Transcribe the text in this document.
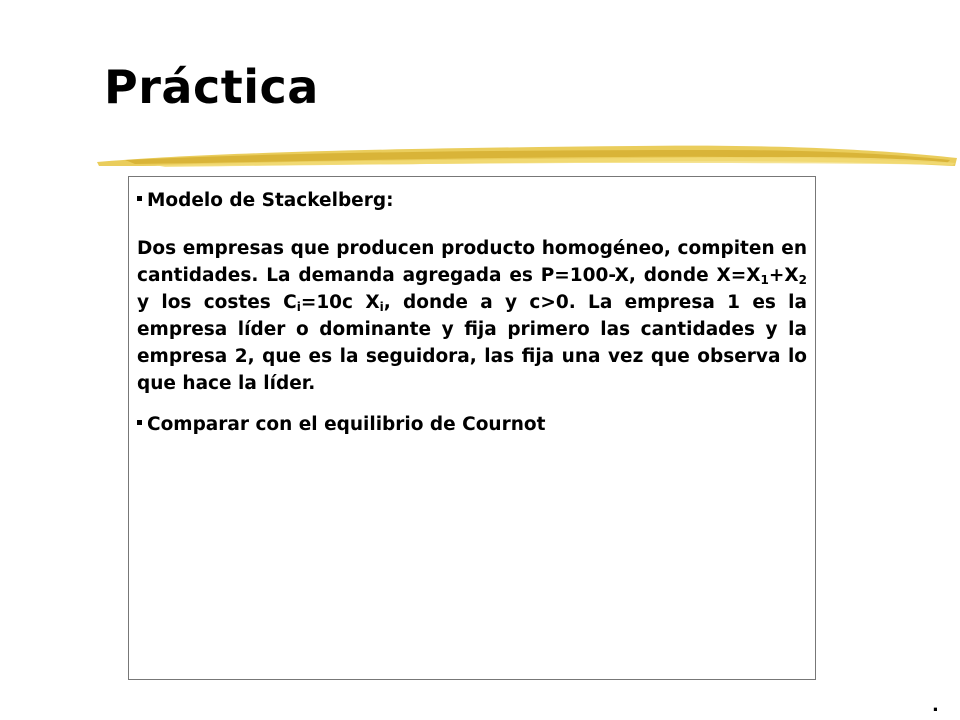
Práctica

Modelo de Stackelberg:

Dos empresas que producen producto homogéneo, compiten en cantidades. La demanda agregada es P=100-X, donde $X=X_1+X_2$ y los costes $C_i=10c$ $X_i$, donde a y c>0. La empresa 1 es la empresa líder o dominante y fija primero las cantidades y la empresa 2, que es la seguidora, las fija una vez que observa lo que hace la líder.

Comparar con el equilibrio de Cournot

.
